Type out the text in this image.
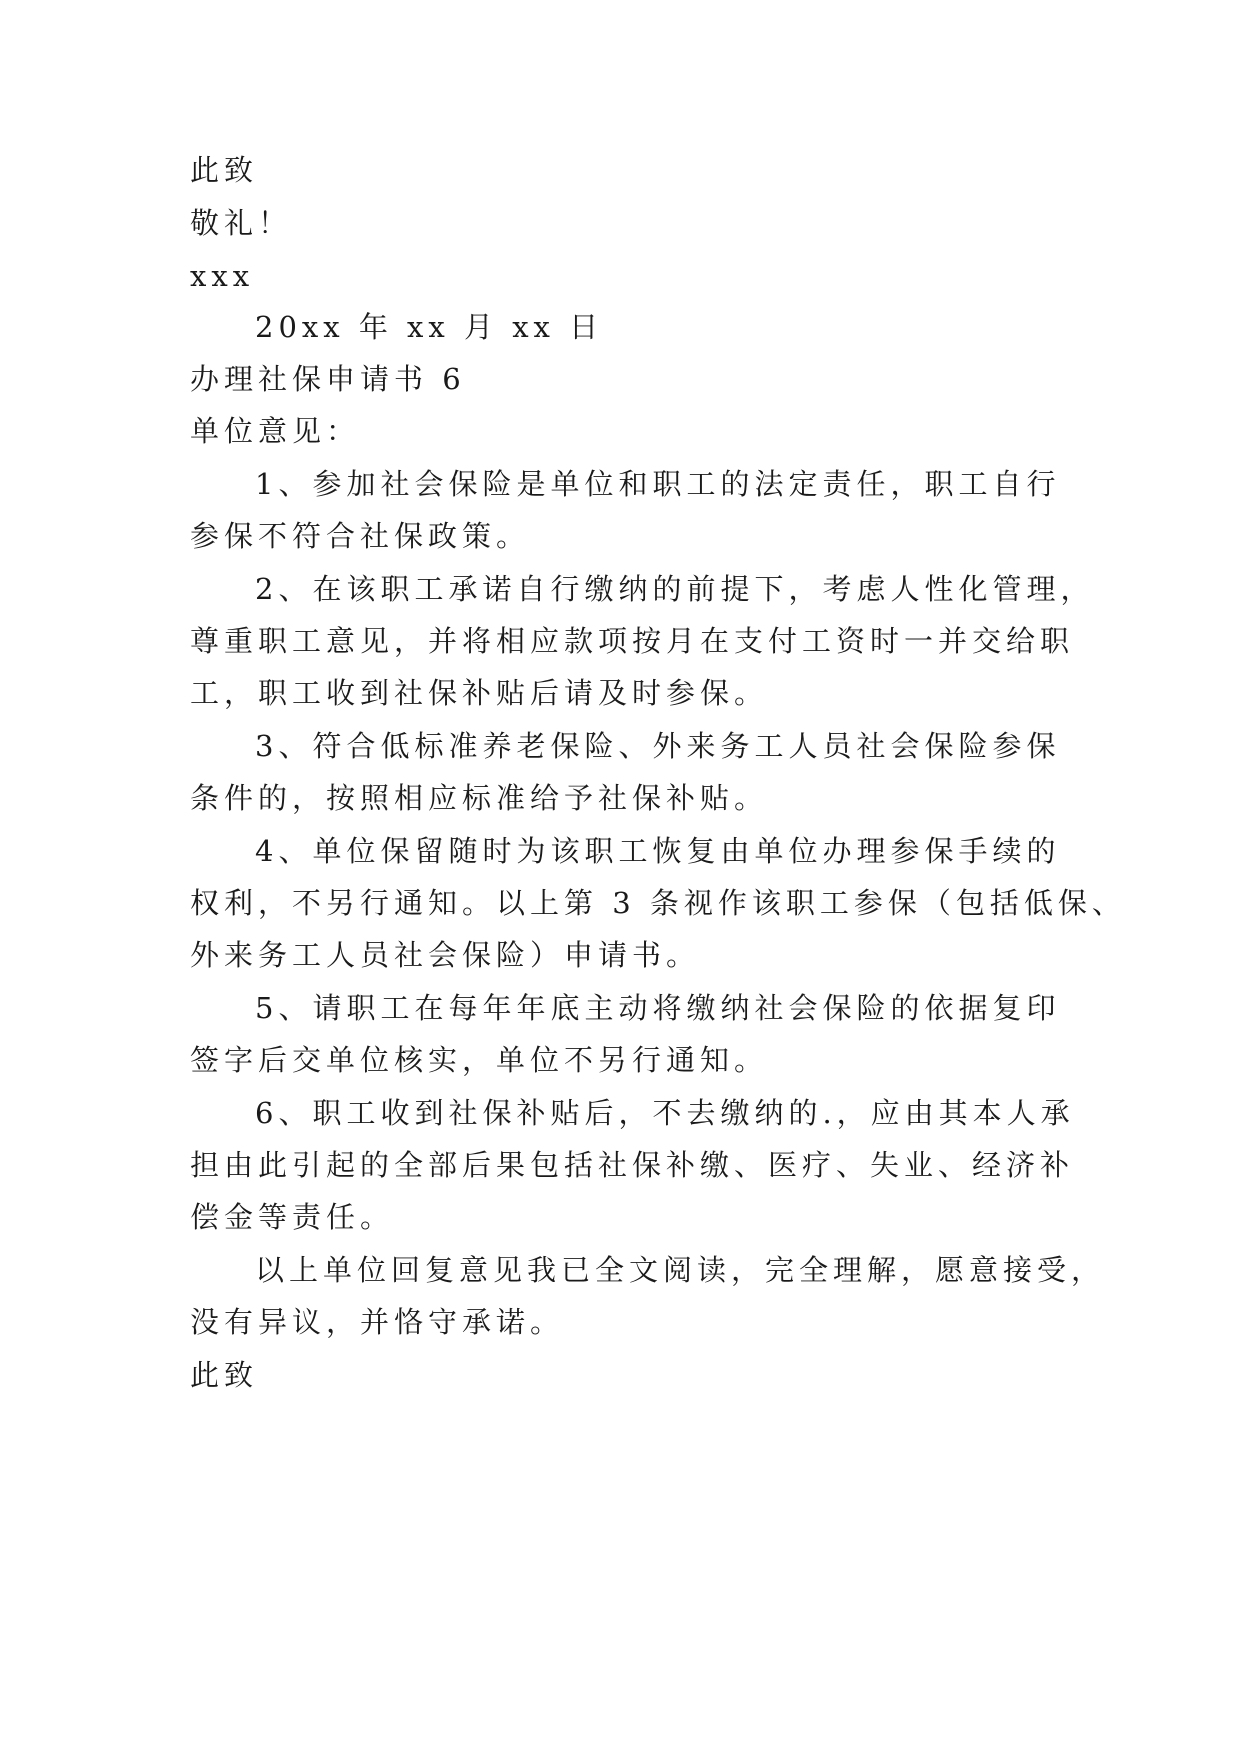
此致

敬礼！

xxx

20xx 年 xx 月 xx 日

办理社保申请书 6

单位意见：

1、参加社会保险是单位和职工的法定责任，职工自行

参保不符合社保政策。

2、在该职工承诺自行缴纳的前提下，考虑人性化管理，

尊重职工意见，并将相应款项按月在支付工资时一并交给职

工，职工收到社保补贴后请及时参保。

3、符合低标准养老保险、外来务工人员社会保险参保

条件的，按照相应标准给予社保补贴。

4、单位保留随时为该职工恢复由单位办理参保手续的

权利，不另行通知。以上第 3 条视作该职工参保（包括低保、

外来务工人员社会保险）申请书。

5、请职工在每年年底主动将缴纳社会保险的依据复印

签字后交单位核实，单位不另行通知。

6、职工收到社保补贴后，不去缴纳的.，应由其本人承

担由此引起的全部后果包括社保补缴、医疗、失业、经济补

偿金等责任。

以上单位回复意见我已全文阅读，完全理解，愿意接受，

没有异议，并恪守承诺。

此致
